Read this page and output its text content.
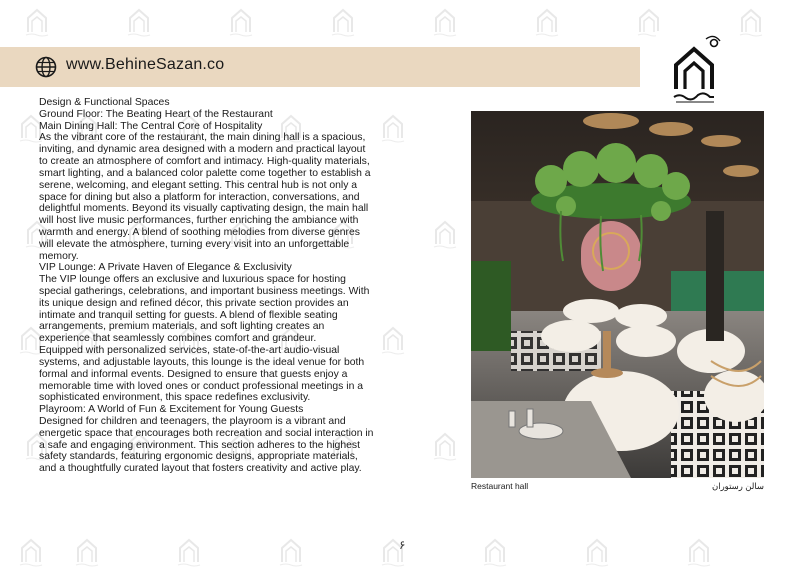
www.BehineSazan.co

Design & Functional Spaces

Ground Floor: The Beating Heart of the Restaurant

Main Dining Hall: The Central Core of Hospitality

As the vibrant core of the restaurant, the main dining hall is a spacious, inviting, and dynamic area designed with a modern and practical layout to create an atmosphere of comfort and intimacy. High-quality materials, smart lighting, and a balanced color palette come together to establish a serene, welcoming, and elegant setting. This central hub is not only a space for dining but also a platform for interaction, conversations, and delightful moments. Beyond its visually captivating design, the main hall will host live music performances, further enriching the ambiance with warmth and energy. A blend of soothing melodies from diverse genres will elevate the atmosphere, turning every visit into an unforgettable memory.

VIP Lounge: A Private Haven of Elegance & Exclusivity

The VIP lounge offers an exclusive and luxurious space for hosting special gatherings, celebrations, and important business meetings. With its unique design and refined décor, this private section provides an intimate and tranquil setting for guests. A blend of flexible seating arrangements, premium materials, and soft lighting creates an experience that seamlessly combines comfort and grandeur.

Equipped with personalized services, state-of-the-art audio-visual systems, and adjustable layouts, this lounge is the ideal venue for both formal and informal events. Designed to ensure that guests enjoy a memorable time with loved ones or conduct professional meetings in a sophisticated environment, this space redefines exclusivity.

Playroom: A World of Fun & Excitement for Young Guests

Designed for children and teenagers, the playroom is a vibrant and energetic space that encourages both recreation and social interaction in a safe and engaging environment. This section adheres to the highest safety standards, featuring ergonomic designs, appropriate materials, and a thoughtfully curated layout that fosters creativity and active play.

Restaurant hall	سالن رستوران
۶
